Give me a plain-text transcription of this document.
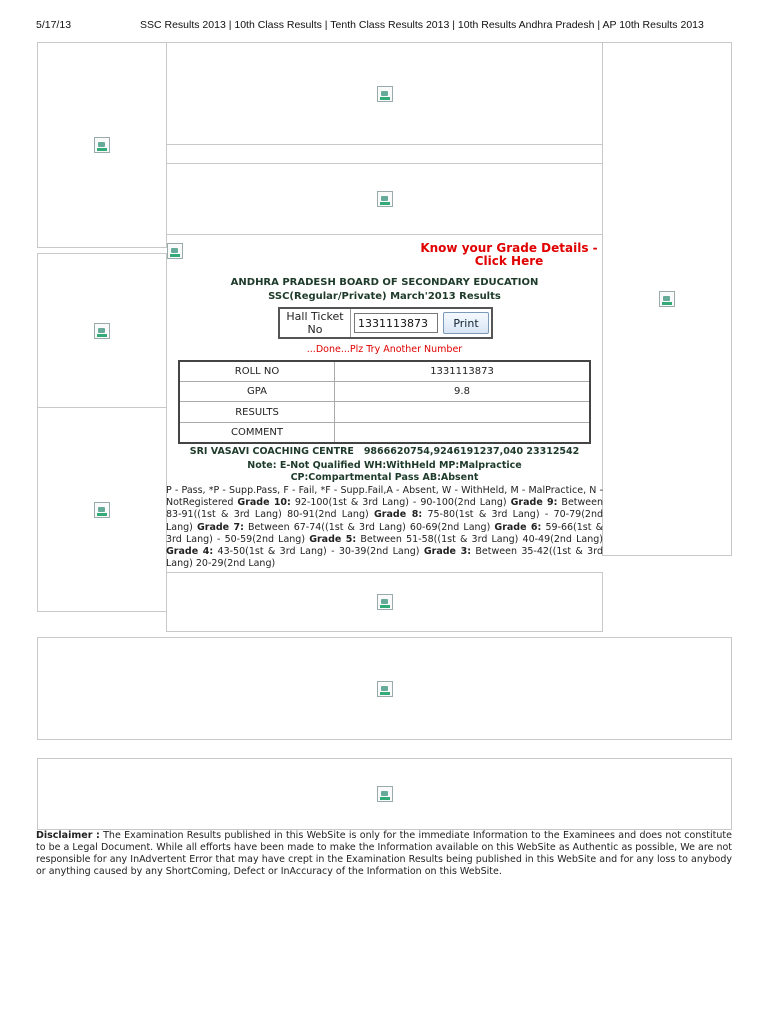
5/17/13	SSC Results 2013 | 10th Class Results | Tenth Class Results 2013 | 10th Results Andhra Pradesh | AP 10th Results 2013
Know your Grade Details -
Click Here
ANDHRA PRADESH BOARD OF SECONDARY EDUCATION
SSC(Regular/Private) March'2013 Results
Hall Ticket
No
1331113873	Print
...Done...Plz Try Another Number
ROLL NO	1331113873
GPA	9.8
RESULTS	
COMMENT	
SRI VASAVI COACHING CENTRE   9866620754,9246191237,040 23312542
Note: E-Not Qualified WH:WithHeld MP:Malpractice
CP:Compartmental Pass AB:Absent
P - Pass, *P - Supp.Pass, F - Fail, *F - Supp.Fail,A - Absent, W - WithHeld, M - MalPractice, N - NotRegistered Grade 10: 92-100(1st & 3rd Lang) - 90-100(2nd Lang) Grade 9: Between 83-91((1st & 3rd Lang) 80-91(2nd Lang) Grade 8: 75-80(1st & 3rd Lang) - 70-79(2nd Lang) Grade 7: Between 67-74((1st & 3rd Lang) 60-69(2nd Lang) Grade 6: 59-66(1st & 3rd Lang) - 50-59(2nd Lang) Grade 5: Between 51-58((1st & 3rd Lang) 40-49(2nd Lang) Grade 4: 43-50(1st & 3rd Lang) - 30-39(2nd Lang) Grade 3: Between 35-42((1st & 3rd Lang) 20-29(2nd Lang)
Disclaimer : The Examination Results published in this WebSite is only for the immediate Information to the Examinees and does not constitute to be a Legal Document. While all efforts have been made to make the Information available on this WebSite as Authentic as possible, We are not responsible for any InAdvertent Error that may have crept in the Examination Results being published in this WebSite and for any loss to anybody or anything caused by any ShortComing, Defect or InAccuracy of the Information on this WebSite.
